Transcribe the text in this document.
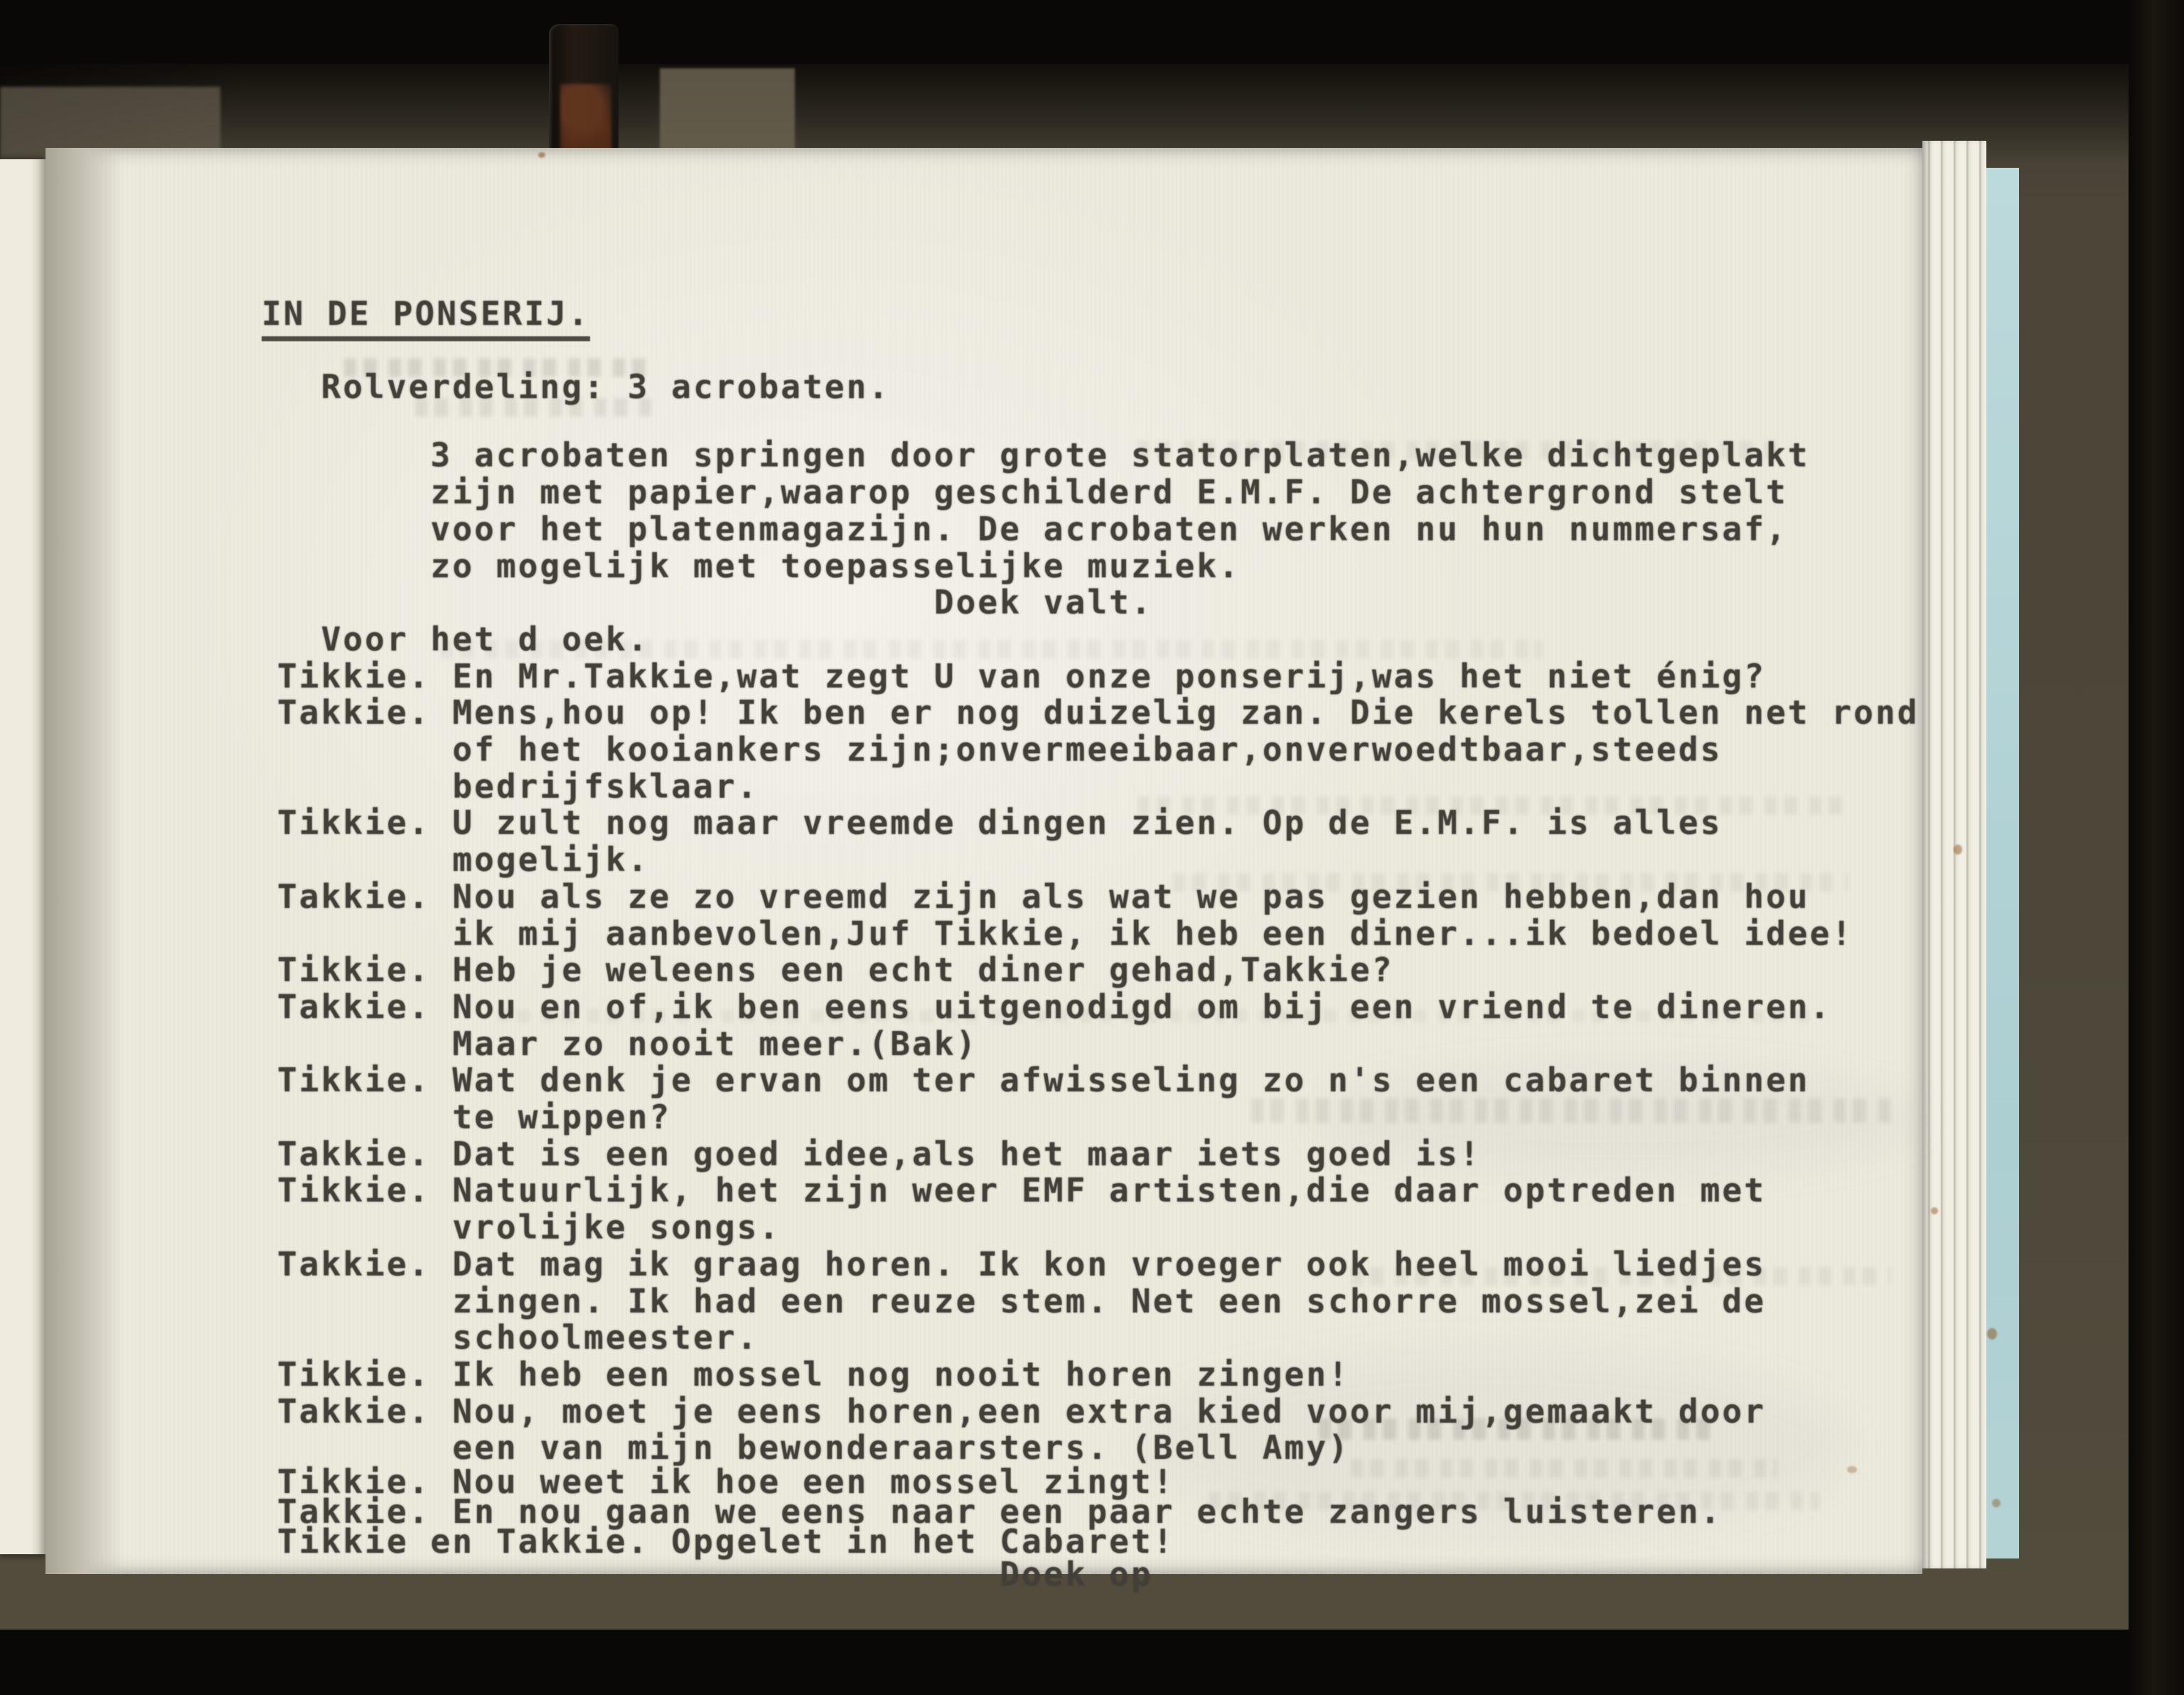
IN DE PONSERIJ.
Rolverdeling: 3 acrobaten.
3 acrobaten springen door grote statorplaten,welke dichtgeplakt
zijn met papier,waarop geschilderd E.M.F. De achtergrond stelt
voor het platenmagazijn. De acrobaten werken nu hun nummersaf,
zo mogelijk met toepasselijke muziek.
Doek valt.
Voor het d oek.
Tikkie. En Mr.Takkie,wat zegt U van onze ponserij,was het niet énig?
Takkie. Mens,hou op! Ik ben er nog duizelig zan. Die kerels tollen net rond
of het kooiankers zijn;onvermeeibaar,onverwoedtbaar,steeds
bedrijfsklaar.
Tikkie. U zult nog maar vreemde dingen zien. Op de E.M.F. is alles
mogelijk.
Takkie. Nou als ze zo vreemd zijn als wat we pas gezien hebben,dan hou
ik mij aanbevolen,Juf Tikkie, ik heb een diner...ik bedoel idee!
Tikkie. Heb je weleens een echt diner gehad,Takkie?
Takkie. Nou en of,ik ben eens uitgenodigd om bij een vriend te dineren.
Maar zo nooit meer.(Bak)
Tikkie. Wat denk je ervan om ter afwisseling zo n's een cabaret binnen
te wippen?
Takkie. Dat is een goed idee,als het maar iets goed is!
Tikkie. Natuurlijk, het zijn weer EMF artisten,die daar optreden met
vrolijke songs.
Takkie. Dat mag ik graag horen. Ik kon vroeger ook heel mooi liedjes
zingen. Ik had een reuze stem. Net een schorre mossel,zei de
schoolmeester.
Tikkie. Ik heb een mossel nog nooit horen zingen!
Takkie. Nou, moet je eens horen,een extra kied voor mij,gemaakt door
een van mijn bewonderaarsters. (Bell Amy)
Tikkie. Nou weet ik hoe een mossel zingt!
Takkie. En nou gaan we eens naar een paar echte zangers luisteren.
Tikkie en Takkie. Opgelet in het Cabaret!
Doek op
